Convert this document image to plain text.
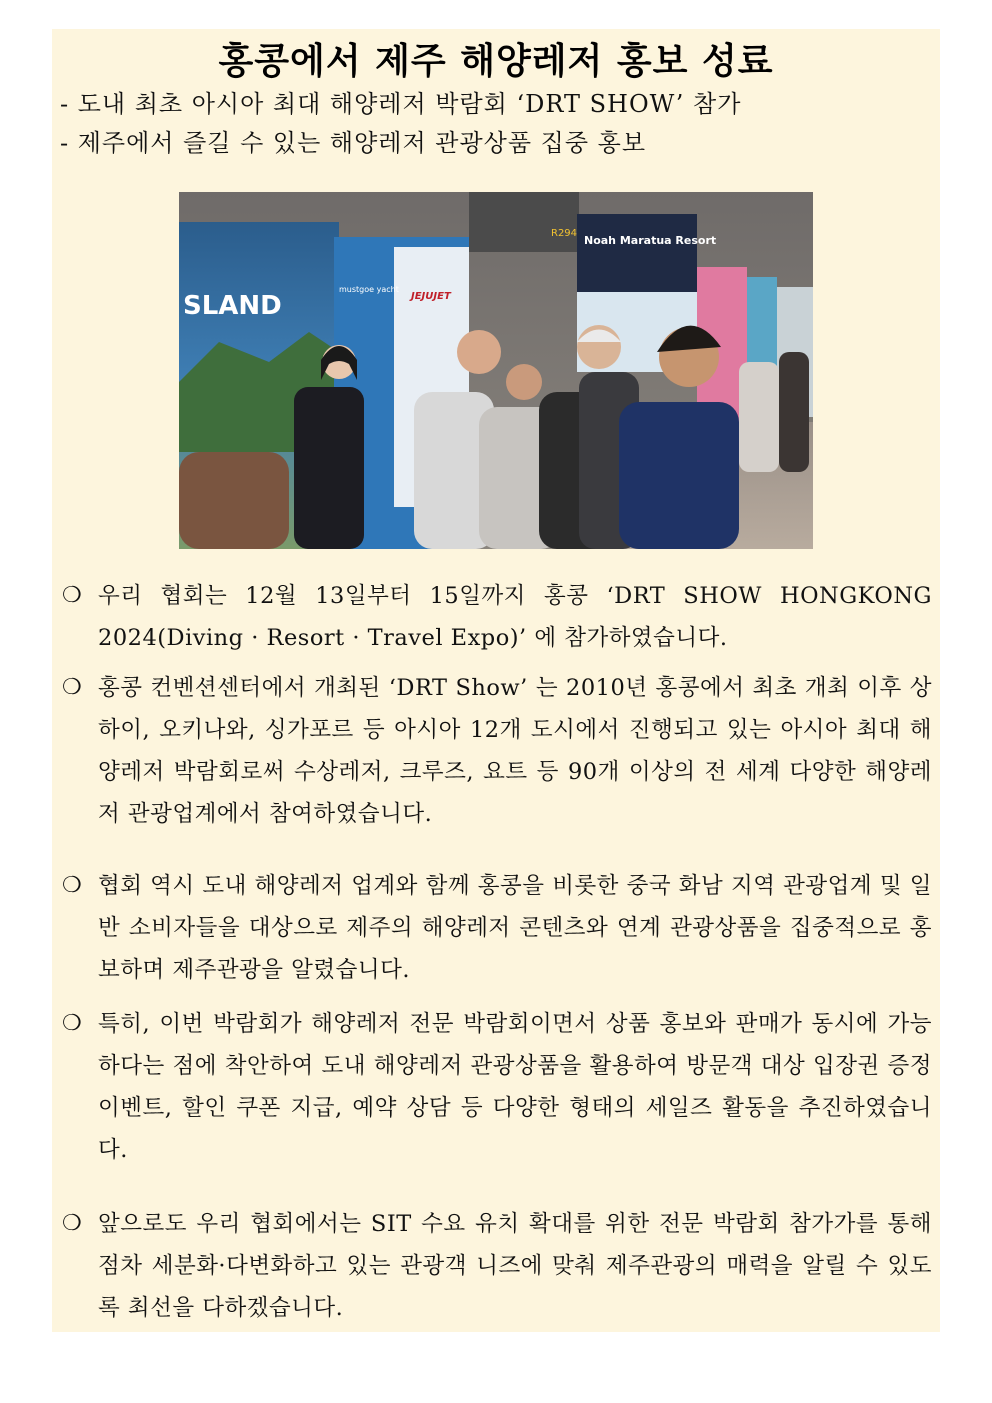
홍콩에서 제주 해양레저 홍보 성료
- 도내 최초 아시아 최대 해양레저 박람회 ‘DRT SHOW’ 참가
- 제주에서 즐길 수 있는 해양레저 관광상품 집중 홍보
SLAND	JEJUJET
mustgoe yacht
R294
Noah Maratua Resort
❍ 우리 협회는 12월 13일부터 15일까지 홍콩 ‘DRT SHOW HONGKONG 2024(Diving · Resort · Travel Expo)’ 에 참가하였습니다.
❍ 홍콩 컨벤션센터에서 개최된 ‘DRT Show’ 는 2010년 홍콩에서 최초 개최 이후 상하이, 오키나와, 싱가포르 등 아시아 12개 도시에서 진행되고 있는 아시아 최대 해양레저 박람회로써 수상레저, 크루즈, 요트 등 90개 이상의 전 세계 다양한 해양레저 관광업계에서 참여하였습니다.
❍ 협회 역시 도내 해양레저 업계와 함께 홍콩을 비롯한 중국 화남 지역 관광업계 및 일반 소비자들을 대상으로 제주의 해양레저 콘텐츠와 연계 관광상품을 집중적으로 홍보하며 제주관광을 알렸습니다.
❍ 특히, 이번 박람회가 해양레저 전문 박람회이면서 상품 홍보와 판매가 동시에 가능하다는 점에 착안하여 도내 해양레저 관광상품을 활용하여 방문객 대상 입장권 증정 이벤트, 할인 쿠폰 지급, 예약 상담 등 다양한 형태의 세일즈 활동을 추진하였습니다.
❍ 앞으로도 우리 협회에서는 SIT 수요 유치 확대를 위한 전문 박람회 참가가를 통해 점차 세분화·다변화하고 있는 관광객 니즈에 맞춰 제주관광의 매력을 알릴 수 있도록 최선을 다하겠습니다.
